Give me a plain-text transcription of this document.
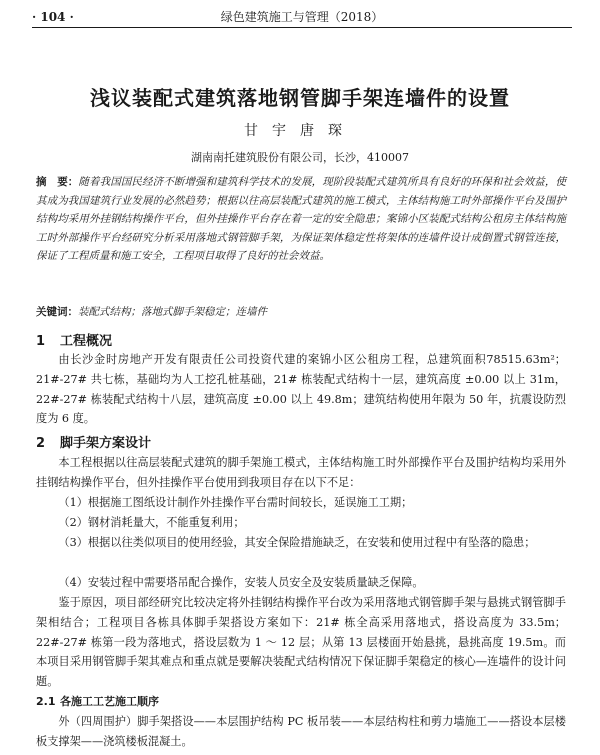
· 104 ·	绿色建筑施工与管理（2018）
浅议装配式建筑落地钢管脚手架连墙件的设置
甘宇唐琛
湖南南托建筑股份有限公司，长沙，410007
摘　要：随着我国国民经济不断增强和建筑科学技术的发展，现阶段装配式建筑所具有良好的环保和社会效益，使其成为我国建筑行业发展的必然趋势；根据以往高层装配式建筑的施工模式，主体结构施工时外部操作平台及围护结构均采用外挂钢结构操作平台，但外挂操作平台存在着一定的安全隐患；案锦小区装配式结构公租房主体结构施工时外部操作平台经研究分析采用落地式钢管脚手架，为保证架体稳定性将架体的连墙件设计成倒置式钢管连接，保证了工程质量和施工安全，工程项目取得了良好的社会效益。
关键词：装配式结构；落地式脚手架稳定；连墙件
1 工程概况
由长沙金时房地产开发有限责任公司投资代建的案锦小区公租房工程，总建筑面积78515.63m²；21#-27# 共七栋，基础均为人工挖孔桩基础，21# 栋装配式结构十一层，建筑高度 ±0.00 以上 31m，22#-27# 栋装配式结构十八层，建筑高度 ±0.00 以上 49.8m；建筑结构使用年限为 50 年，抗震设防烈度为 6 度。
2 脚手架方案设计
本工程根据以往高层装配式建筑的脚手架施工模式，主体结构施工时外部操作平台及围护结构均采用外挂钢结构操作平台，但外挂操作平台使用到我项目存在以下不足：
（1）根据施工图纸设计制作外挂操作平台需时间较长，延误施工工期；
（2）钢材消耗量大，不能重复利用；
（3）根据以往类似项目的使用经验，其安全保险措施缺乏，在安装和使用过程中有坠落的隐患；
（4）安装过程中需要塔吊配合操作，安装人员安全及安装质量缺乏保障。
鉴于原因，项目部经研究比较决定将外挂钢结构操作平台改为采用落地式钢管脚手架与悬挑式钢管脚手架相结合；工程项目各栋具体脚手架搭设方案如下：21# 栋全高采用落地式，搭设高度为 33.5m；22#-27# 栋第一段为落地式，搭设层数为 1 ～ 12 层；从第 13 层楼面开始悬挑，悬挑高度 19.5m。而本项目采用钢管脚手架其难点和重点就是要解决装配式结构情况下保证脚手架稳定的核心—连墙件的设计问题。
2.1 各施工工艺施工顺序
外（四周围护）脚手架搭设——本层围护结构 PC 板吊装——本层结构柱和剪力墙施工——搭设本层楼板支撑架——浇筑楼板混凝土。
